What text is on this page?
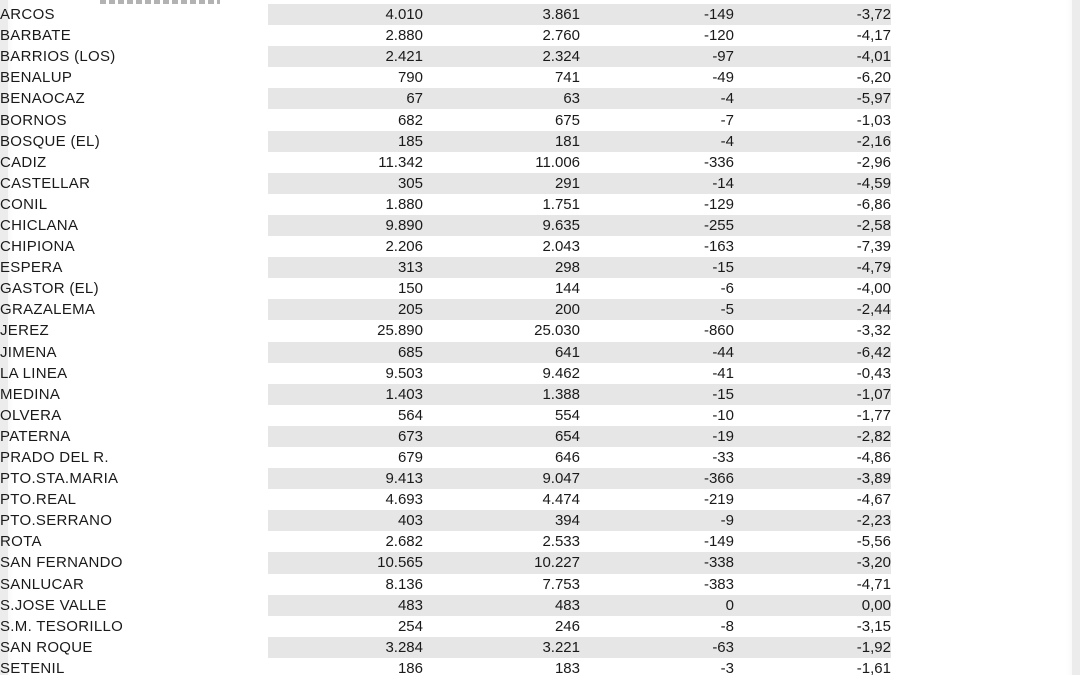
ARCOS	4.010	3.861	-149	-3,72
BARBATE	2.880	2.760	-120	-4,17
BARRIOS (LOS)	2.421	2.324	-97	-4,01
BENALUP	790	741	-49	-6,20
BENAOCAZ	67	63	-4	-5,97
BORNOS	682	675	-7	-1,03
BOSQUE (EL)	185	181	-4	-2,16
CADIZ	11.342	11.006	-336	-2,96
CASTELLAR	305	291	-14	-4,59
CONIL	1.880	1.751	-129	-6,86
CHICLANA	9.890	9.635	-255	-2,58
CHIPIONA	2.206	2.043	-163	-7,39
ESPERA	313	298	-15	-4,79
GASTOR (EL)	150	144	-6	-4,00
GRAZALEMA	205	200	-5	-2,44
JEREZ	25.890	25.030	-860	-3,32
JIMENA	685	641	-44	-6,42
LA LINEA	9.503	9.462	-41	-0,43
MEDINA	1.403	1.388	-15	-1,07
OLVERA	564	554	-10	-1,77
PATERNA	673	654	-19	-2,82
PRADO DEL R.	679	646	-33	-4,86
PTO.STA.MARIA	9.413	9.047	-366	-3,89
PTO.REAL	4.693	4.474	-219	-4,67
PTO.SERRANO	403	394	-9	-2,23
ROTA	2.682	2.533	-149	-5,56
SAN FERNANDO	10.565	10.227	-338	-3,20
SANLUCAR	8.136	7.753	-383	-4,71
S.JOSE VALLE	483	483	0	0,00
S.M. TESORILLO	254	246	-8	-3,15
SAN ROQUE	3.284	3.221	-63	-1,92
SETENIL	186	183	-3	-1,61
